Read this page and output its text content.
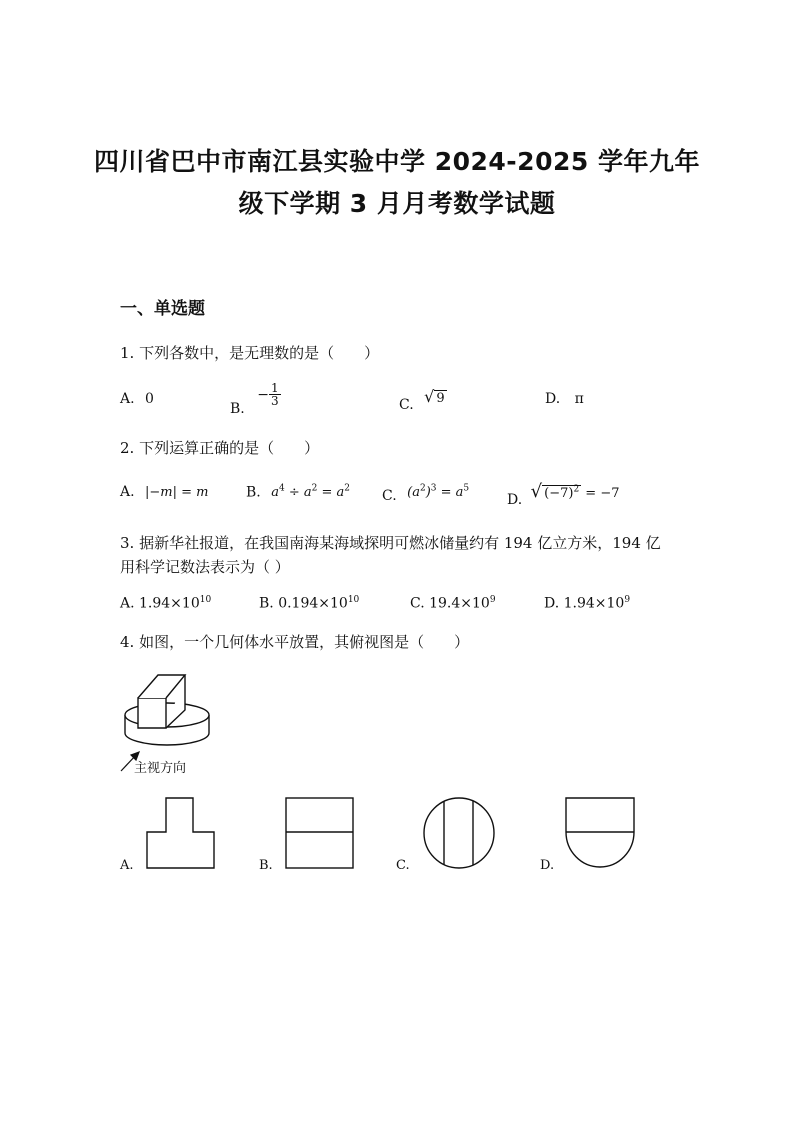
四川省巴中市南江县实验中学 2024-2025 学年九年
级下学期 3 月月考数学试题
一、单选题
1. 下列各数中，是无理数的是（　　）
A. 0
B. − $\frac{1}{3}$	C. √ 9	D. π
2. 下列运算正确的是（　　）
A. |−m| = m	B. $a^4 \div a^2 = a^2$ C. $(a^2)^3 = a^5$
D. √ $(-7)^2 = -7$
3. 据新华社报道，在我国南海某海域探明可燃冰储量约有 194 亿立方米，194 亿
用科学记数法表示为（ ）
A. $1.94\times 10^{10}$	B. $0.194\times 10^{10}$	C. $19.4\times 10^9$	D. $1.94\times 10^9$
4. 如图，一个几何体水平放置，其俯视图是（　　）
主视方向
A.	B.	C.	D.
